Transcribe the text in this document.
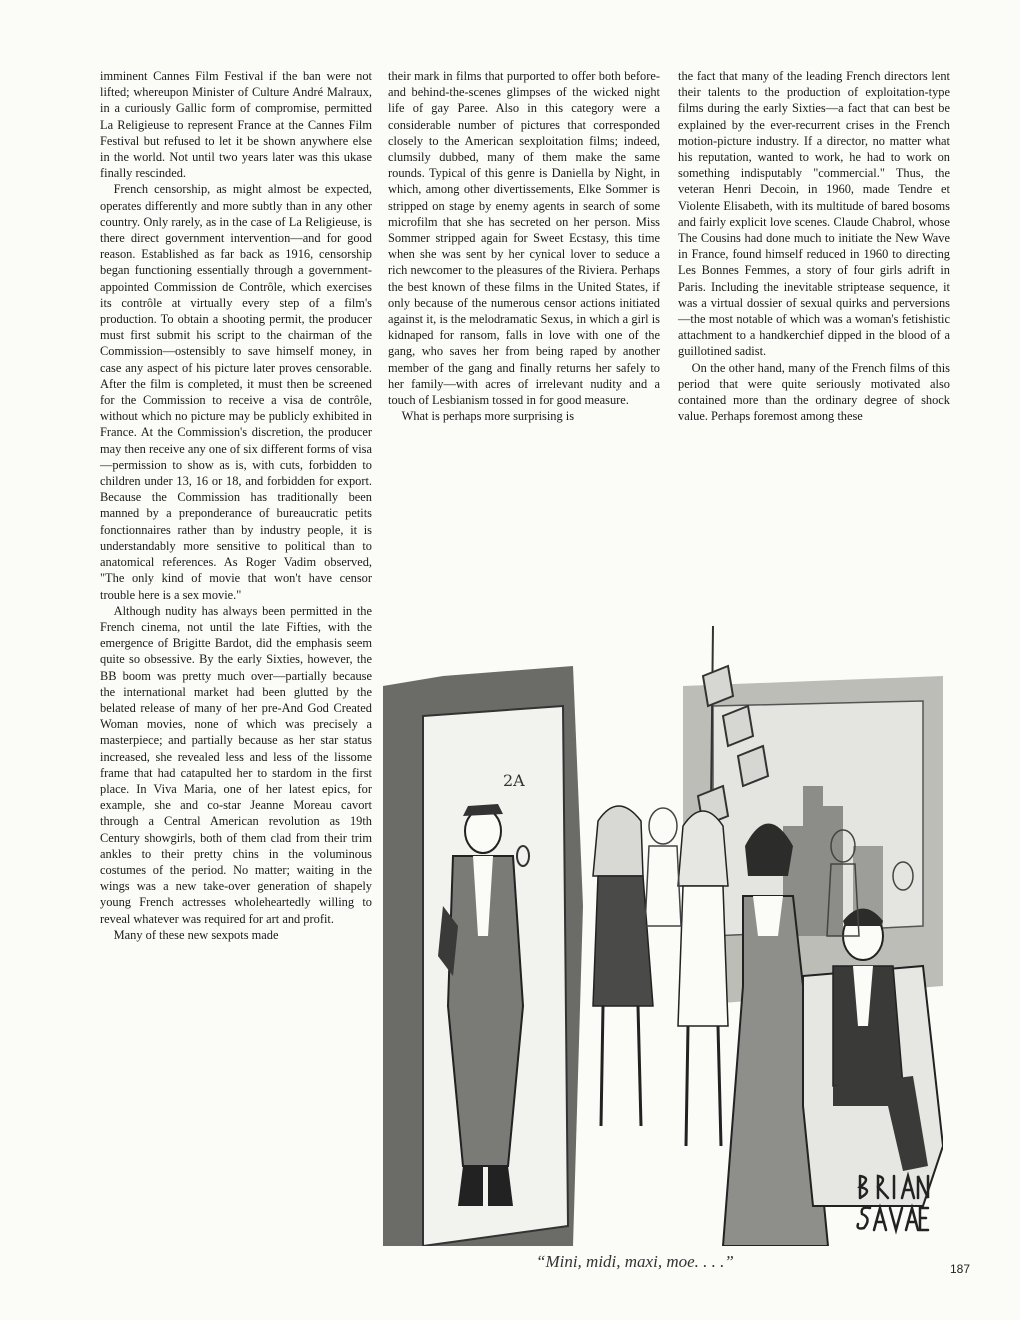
imminent Cannes Film Festival if the ban were not lifted; whereupon Minister of Culture André Malraux, in a curiously Gallic form of compromise, permitted La Religieuse to represent France at the Cannes Film Festival but refused to let it be shown anywhere else in the world. Not until two years later was this ukase finally rescinded.

French censorship, as might almost be expected, operates differently and more subtly than in any other country. Only rarely, as in the case of La Religieuse, is there direct government intervention—and for good reason. Established as far back as 1916, censorship began functioning essentially through a government-appointed Commission de Contrôle, which exercises its contrôle at virtually every step of a film's production. To obtain a shooting permit, the producer must first submit his script to the chairman of the Commission—ostensibly to save himself money, in case any aspect of his picture later proves censorable. After the film is completed, it must then be screened for the Commission to receive a visa de contrôle, without which no picture may be publicly exhibited in France. At the Commission's discretion, the producer may then receive any one of six different forms of visa—permission to show as is, with cuts, forbidden to children under 13, 16 or 18, and forbidden for export. Because the Commission has traditionally been manned by a preponderance of bureaucratic petits fonctionnaires rather than by industry people, it is understandably more sensitive to political than to anatomical references. As Roger Vadim observed, "The only kind of movie that won't have censor trouble here is a sex movie."

Although nudity has always been permitted in the French cinema, not until the late Fifties, with the emergence of Brigitte Bardot, did the emphasis seem quite so obsessive. By the early Sixties, however, the BB boom was pretty much over—partially because the international market had been glutted by the belated release of many of her pre-And God Created Woman movies, none of which was precisely a masterpiece; and partially because as her star status increased, she revealed less and less of the lissome frame that had catapulted her to stardom in the first place. In Viva Maria, one of her latest epics, for example, she and co-star Jeanne Moreau cavort through a Central American revolution as 19th Century showgirls, both of them clad from their trim ankles to their pretty chins in the voluminous costumes of the period. No matter; waiting in the wings was a new take-over generation of shapely young French actresses wholeheartedly willing to reveal whatever was required for art and profit.

Many of these new sexpots made

their mark in films that purported to offer both before- and behind-the-scenes glimpses of the wicked night life of gay Paree. Also in this category were a considerable number of pictures that corresponded closely to the American sexploitation films; indeed, clumsily dubbed, many of them make the same rounds. Typical of this genre is Daniella by Night, in which, among other divertissements, Elke Sommer is stripped on stage by enemy agents in search of some microfilm that she has secreted on her person. Miss Sommer stripped again for Sweet Ecstasy, this time when she was sent by her cynical lover to seduce a rich newcomer to the pleasures of the Riviera. Perhaps the best known of these films in the United States, if only because of the numerous censor actions initiated against it, is the melodramatic Sexus, in which a girl is kidnaped for ransom, falls in love with one of the gang, who saves her from being raped by another member of the gang and finally returns her safely to her family—with acres of irrelevant nudity and a touch of Lesbianism tossed in for good measure.

What is perhaps more surprising is

the fact that many of the leading French directors lent their talents to the production of exploitation-type films during the early Sixties—a fact that can best be explained by the ever-recurrent crises in the French motion-picture industry. If a director, no matter what his reputation, wanted to work, he had to work on something indisputably "commercial." Thus, the veteran Henri Decoin, in 1960, made Tendre et Violente Elisabeth, with its multitude of bared bosoms and fairly explicit love scenes. Claude Chabrol, whose The Cousins had done much to initiate the New Wave in France, found himself reduced in 1960 to directing Les Bonnes Femmes, a story of four girls adrift in Paris. Including the inevitable striptease sequence, it was a virtual dossier of sexual quirks and perversions—the most notable of which was a woman's fetishistic attachment to a handkerchief dipped in the blood of a guillotined sadist.

On the other hand, many of the French films of this period that were quite seriously motivated also contained more than the ordinary degree of shock value. Perhaps foremost among these

2A
“Mini, midi, maxi, moe. . . .”	187
